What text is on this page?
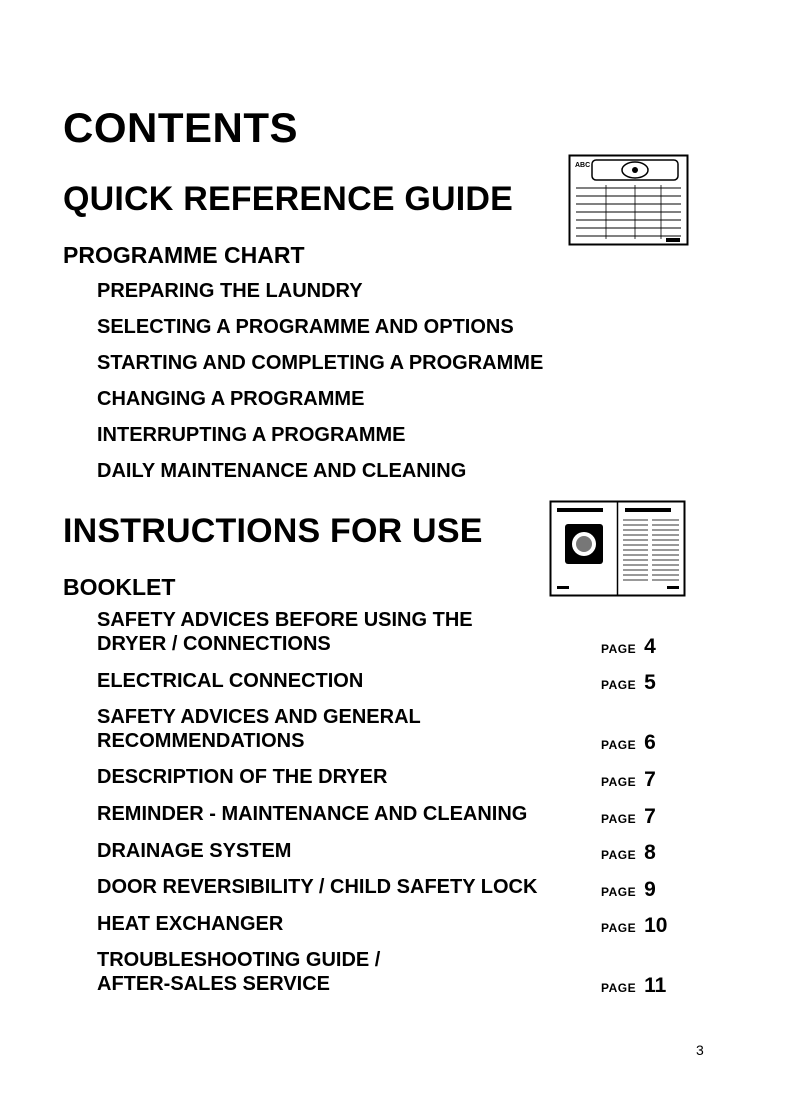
CONTENTS
QUICK REFERENCE GUIDE
ABC
PROGRAMME CHART
PREPARING THE LAUNDRY
SELECTING A PROGRAMME AND OPTIONS
STARTING AND COMPLETING A PROGRAMME
CHANGING A PROGRAMME
INTERRUPTING A PROGRAMME
DAILY MAINTENANCE AND CLEANING
INSTRUCTIONS FOR USE
BOOKLET
SAFETY ADVICES BEFORE USING THE
DRYER / CONNECTIONS	PAGE 4
ELECTRICAL CONNECTION	PAGE 5
SAFETY ADVICES AND GENERAL
RECOMMENDATIONS	PAGE 6
DESCRIPTION OF THE DRYER	PAGE 7
REMINDER - MAINTENANCE AND CLEANING	PAGE 7
DRAINAGE SYSTEM	PAGE 8
DOOR REVERSIBILITY / CHILD SAFETY LOCK	PAGE 9
HEAT EXCHANGER	PAGE 10
TROUBLESHOOTING GUIDE /
AFTER-SALES SERVICE	PAGE 11
3
